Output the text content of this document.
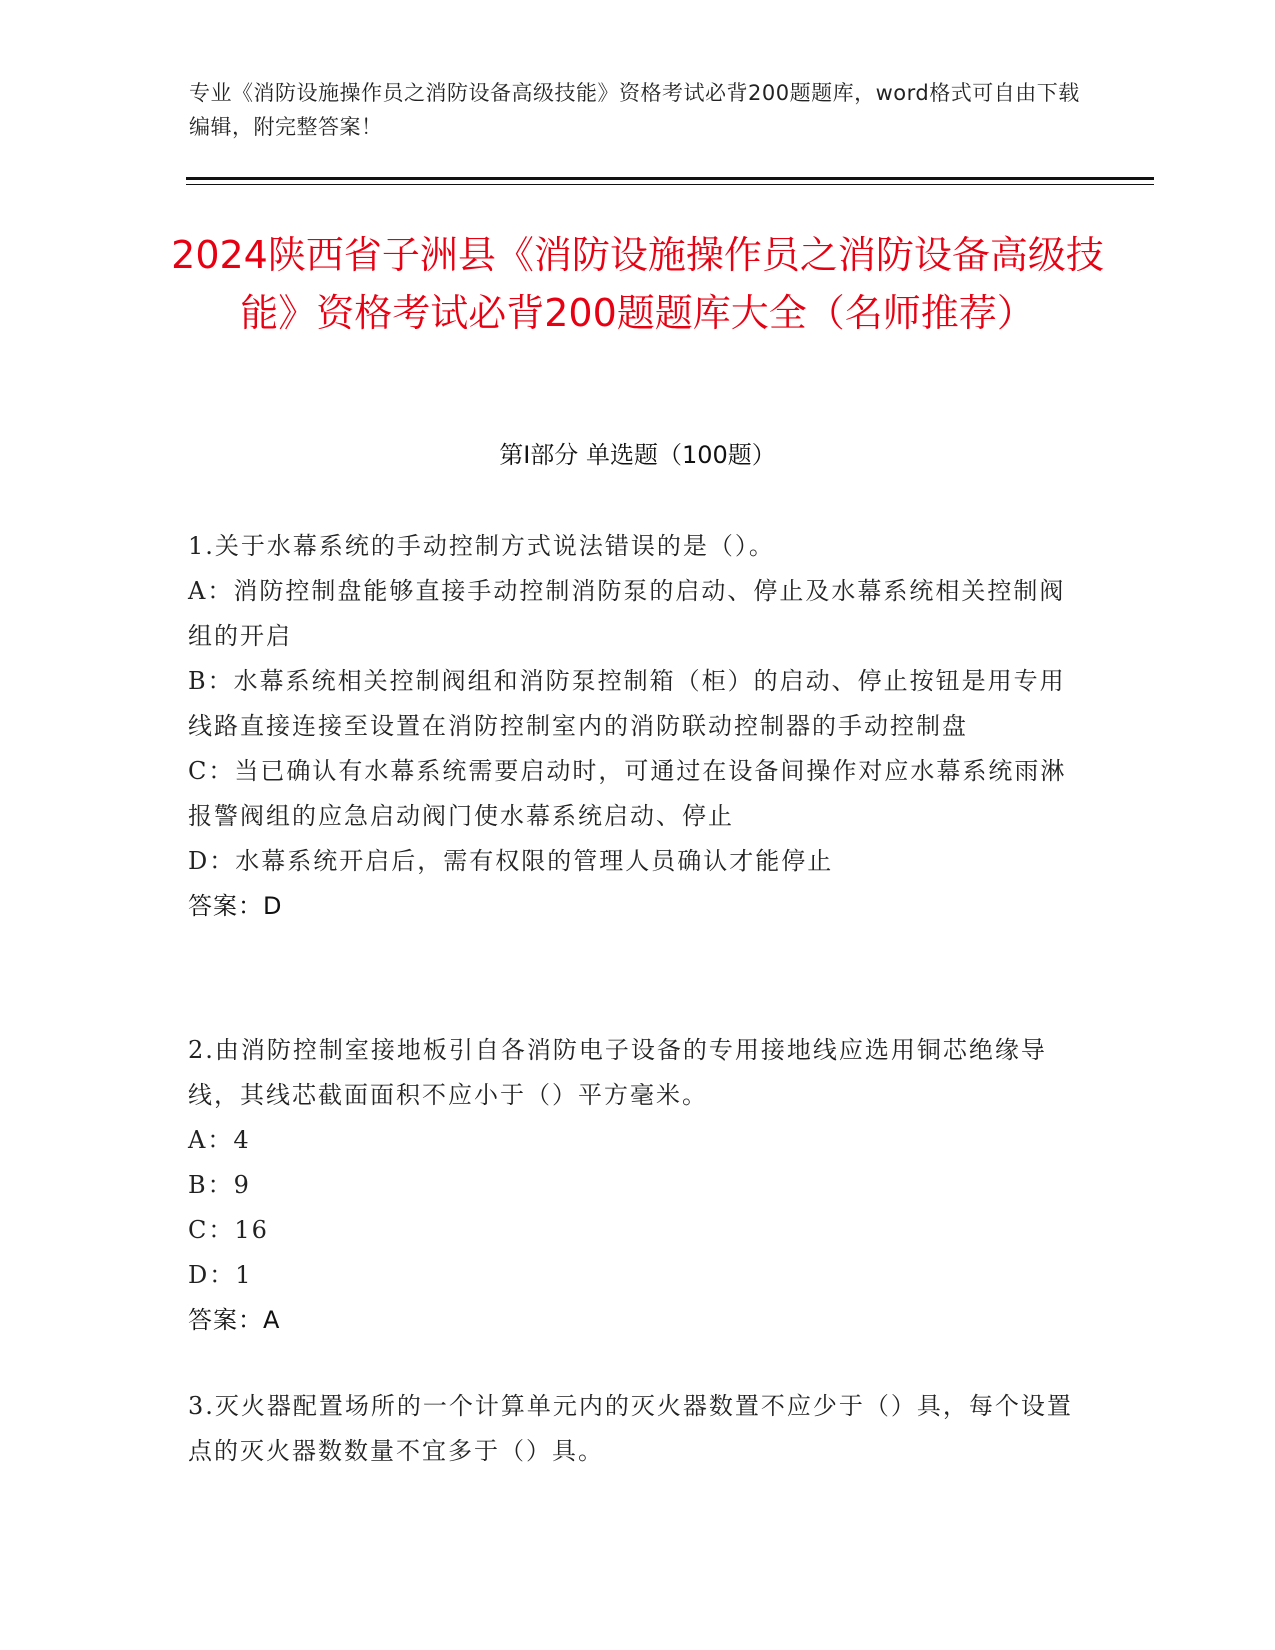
专业《消防设施操作员之消防设备高级技能》资格考试必背200题题库，word格式可自由下载编辑，附完整答案！
2024陕西省子洲县《消防设施操作员之消防设备高级技能》资格考试必背200题题库大全（名师推荐）
第I部分 单选题（100题）
1.关于水幕系统的手动控制方式说法错误的是（）。
A：消防控制盘能够直接手动控制消防泵的启动、停止及水幕系统相关控制阀组的开启
B：水幕系统相关控制阀组和消防泵控制箱（柜）的启动、停止按钮是用专用线路直接连接至设置在消防控制室内的消防联动控制器的手动控制盘
C：当已确认有水幕系统需要启动时，可通过在设备间操作对应水幕系统雨淋报警阀组的应急启动阀门使水幕系统启动、停止
D：水幕系统开启后，需有权限的管理人员确认才能停止
答案：D
2.由消防控制室接地板引自各消防电子设备的专用接地线应选用铜芯绝缘导线，其线芯截面面积不应小于（）平方毫米。
A：4
B：9
C：16
D：1
答案：A
3.灭火器配置场所的一个计算单元内的灭火器数置不应少于（）具，每个设置点的灭火器数数量不宜多于（）具。
